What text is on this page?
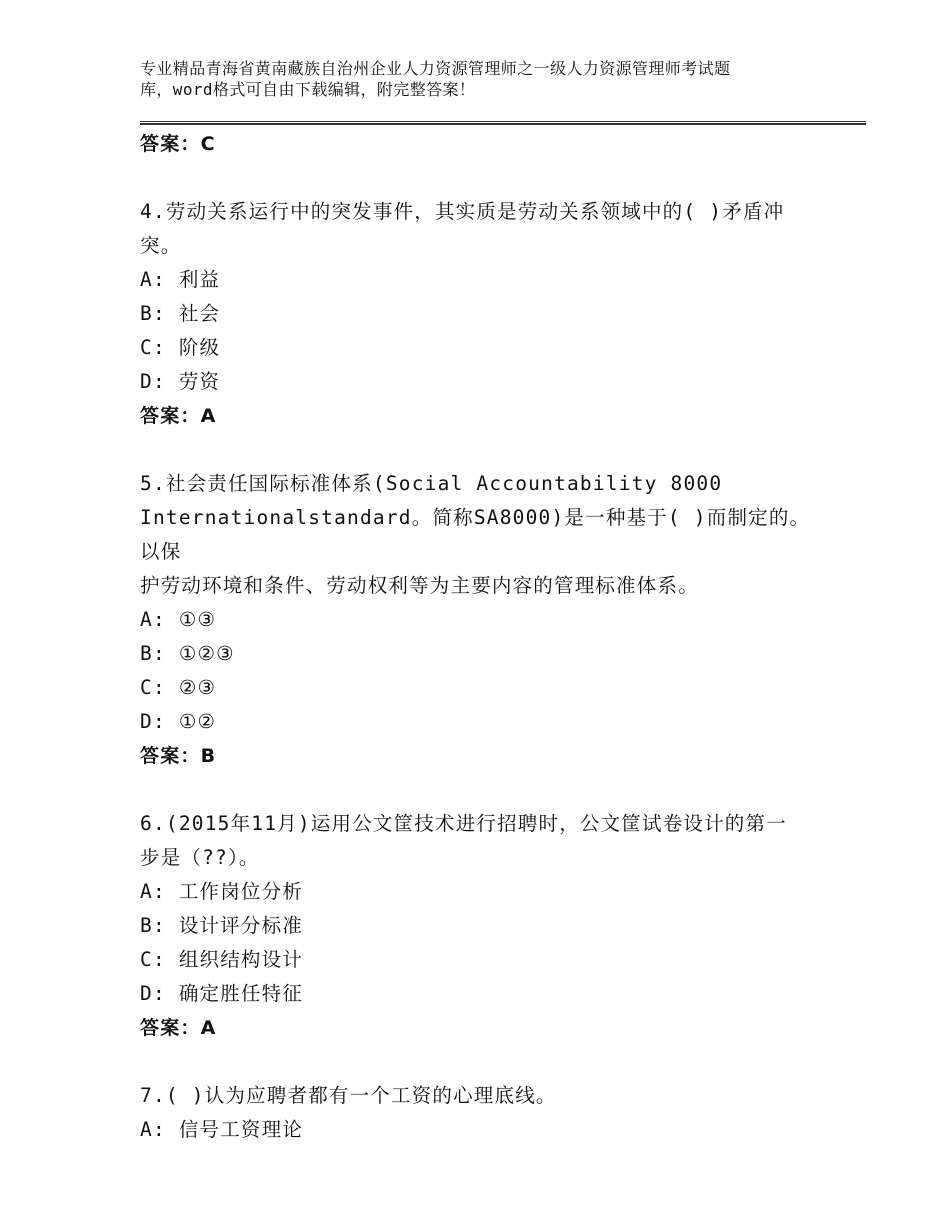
专业精品青海省黄南藏族自治州企业人力资源管理师之一级人力资源管理师考试题
库，word格式可自由下载编辑，附完整答案！
答案：C
4.劳动关系运行中的突发事件，其实质是劳动关系领域中的( )矛盾冲
突。
A: 利益
B: 社会
C: 阶级
D: 劳资
答案：A
5.社会责任国际标准体系(Social Accountability 8000
Internationalstandard。简称SA8000)是一种基于( )而制定的。以保
护劳动环境和条件、劳动权利等为主要内容的管理标准体系。
A: ①③
B: ①②③
C: ②③
D: ①②
答案：B
6.(2015年11月)运用公文筐技术进行招聘时，公文筐试卷设计的第一
步是（??）。
A: 工作岗位分析
B: 设计评分标准
C: 组织结构设计
D: 确定胜任特征
答案：A
7.( )认为应聘者都有一个工资的心理底线。
A: 信号工资理论
